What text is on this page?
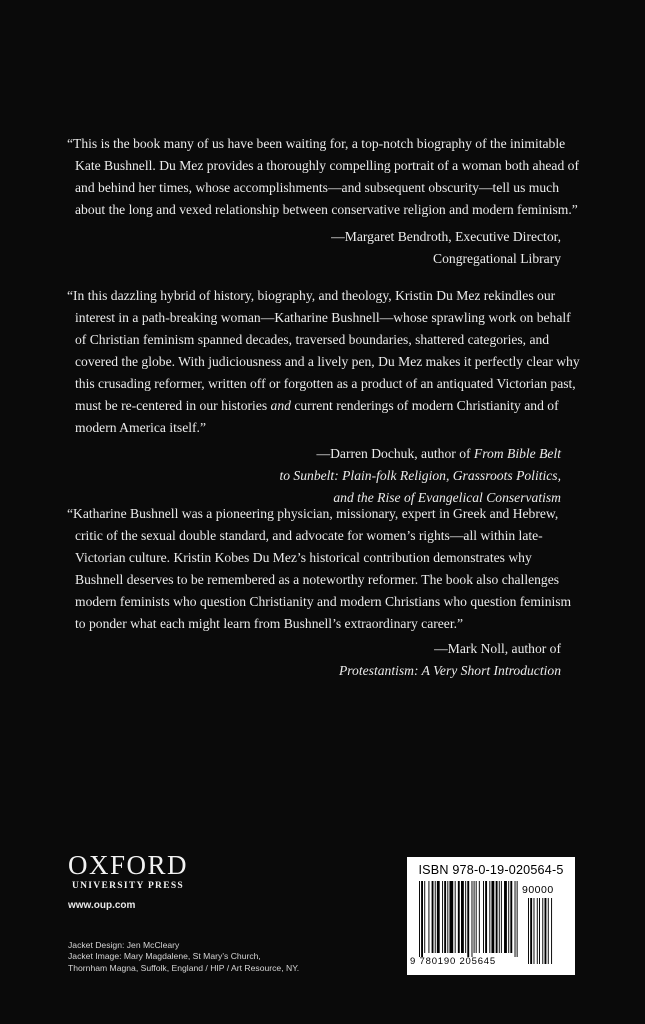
“This is the book many of us have been waiting for, a top-notch biography of the inimitable
Kate Bushnell. Du Mez provides a thoroughly compelling portrait of a woman both ahead of
and behind her times, whose accomplishments—and subsequent obscurity—tell us much
about the long and vexed relationship between conservative religion and modern feminism.”
—Margaret Bendroth, Executive Director,
Congregational Library
“In this dazzling hybrid of history, biography, and theology, Kristin Du Mez rekindles our
interest in a path-breaking woman—Katharine Bushnell—whose sprawling work on behalf
of Christian feminism spanned decades, traversed boundaries, shattered categories, and
covered the globe. With judiciousness and a lively pen, Du Mez makes it perfectly clear why
this crusading reformer, written off or forgotten as a product of an antiquated Victorian past,
must be re-centered in our histories and current renderings of modern Christianity and of
modern America itself.”
—Darren Dochuk, author of From Bible Belt
to Sunbelt: Plain-folk Religion, Grassroots Politics,
and the Rise of Evangelical Conservatism
“Katharine Bushnell was a pioneering physician, missionary, expert in Greek and Hebrew,
critic of the sexual double standard, and advocate for women’s rights—all within late-
Victorian culture. Kristin Kobes Du Mez’s historical contribution demonstrates why
Bushnell deserves to be remembered as a noteworthy reformer. The book also challenges
modern feminists who question Christianity and modern Christians who question feminism
to ponder what each might learn from Bushnell’s extraordinary career.”
—Mark Noll, author of
Protestantism: A Very Short Introduction
OXFORD
UNIVERSITY PRESS
www.oup.com
Jacket Design: Jen McCleary
Jacket Image: Mary Magdalene, St Mary’s Church,
Thornham Magna, Suffolk, England / HIP / Art Resource, NY.
ISBN 978-0-19-020564-5
90000
9 780190 205645
